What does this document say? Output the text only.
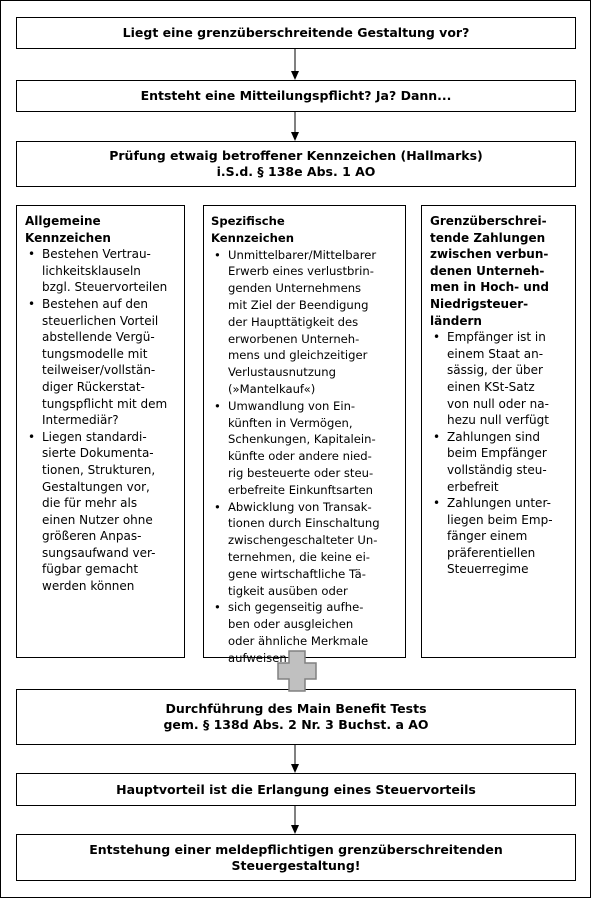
Liegt eine grenzüberschreitende Gestaltung vor?
Entsteht eine Mitteilungspflicht? Ja? Dann...
Prüfung etwaig betroffener Kennzeichen (Hallmarks)
i.S.d. § 138e Abs. 1 AO
Allgemeine
Kennzeichen
• Bestehen Vertrau-
lichkeitsklauseln
bzgl. Steuervorteilen
• Bestehen auf den
steuerlichen Vorteil
abstellende Vergü-
tungsmodelle mit
teilweiser/vollstän-
diger Rückerstat-
tungspflicht mit dem
Intermediär?
• Liegen standardi-
sierte Dokumenta-
tionen, Strukturen,
Gestaltungen vor,
die für mehr als
einen Nutzer ohne
größeren Anpas-
sungsaufwand ver-
fügbar gemacht
werden können
Spezifische
Kennzeichen
• Unmittelbarer/Mittelbarer
Erwerb eines verlustbrin-
genden Unternehmens
mit Ziel der Beendigung
der Haupttätigkeit des
erworbenen Unterneh-
mens und gleichzeitiger
Verlustausnutzung
(»Mantelkauf«)
• Umwandlung von Ein-
künften in Vermögen,
Schenkungen, Kapitalein-
künfte oder andere nied-
rig besteuerte oder steu-
erbefreite Einkunftsarten
• Abwicklung von Transak-
tionen durch Einschaltung
zwischengeschalteter Un-
ternehmen, die keine ei-
gene wirtschaftliche Tä-
tigkeit ausüben oder
• sich gegenseitig aufhe-
ben oder ausgleichen
oder ähnliche Merkmale
aufweisen
Grenzüberschrei-
tende Zahlungen
zwischen verbun-
denen Unterneh-
men in Hoch- und
Niedrigsteuer-
ländern
• Empfänger ist in
einem Staat an-
sässig, der über
einen KSt-Satz
von null oder na-
hezu null verfügt
• Zahlungen sind
beim Empfänger
vollständig steu-
erbefreit
• Zahlungen unter-
liegen beim Emp-
fänger einem
präferentiellen
Steuerregime
Durchführung des Main Benefit Tests
gem. § 138d Abs. 2 Nr. 3 Buchst. a AO
Hauptvorteil ist die Erlangung eines Steuervorteils
Entstehung einer meldepflichtigen grenzüberschreitenden
Steuergestaltung!
